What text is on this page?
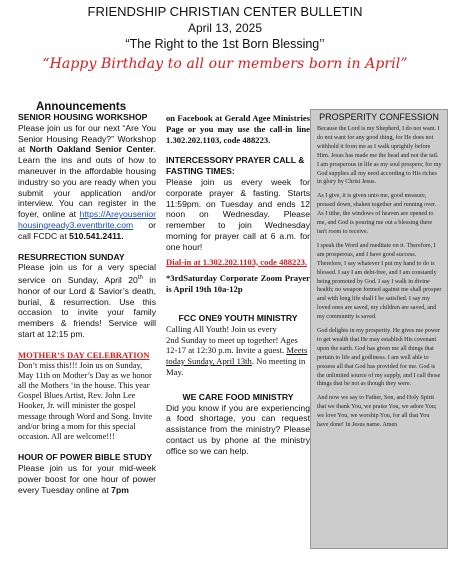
FRIENDSHIP CHRISTIAN CENTER BULLETIN
April 13, 2025
“The Right to the 1st Born Blessing’’
“Happy Birthday to all our members born in April”
Announcements

SENIOR HOUSING WORKSHOP

Please join us for our next “Are You Senior Housing Ready?” Workshop at North Oakland Senior Center. Learn the ins and outs of how to maneuver in the affordable housing industry so you are ready when you submit your application and/or interview. You can register in the foyer, online at https://Areyouseniorhousingready3.eventbrite.com or call FCDC at 510.541.2411.

RESURRECTION SUNDAY

Please join us for a very special service on Sunday, April 20th in honor of our Lord & Savior’s death, burial, & resurrection. Use this occasion to invite your family members & friends! Service will start at 12:15 pm.

MOTHER’S DAY CELEBRATION

Don’t miss this!!! Join us on Sunday, May 11th on Mother’s Day as we honor all the Mothers ‘in the house. This year Gospel Blues Artist, Rev. John Lee Hooker, Jr. will minister the gospel message through Word and Song. Invite and/or bring a mom for this special occasion. All are welcome!!!

HOUR OF POWER BIBLE STUDY

Please join us for your mid-week power boost for one hour of power every Tuesday online at 7pm

on Facebook at Gerald Agee Ministries Page or you may use the call-in line 1.302.202.1103, code 488223.

INTERCESSORY PRAYER CALL & FASTING TIMES:

Please join us every week for corporate prayer & fasting. Starts 11:59pm. on Tuesday and ends 12 noon on Wednesday. Please remember to join Wednesday morning for prayer call at 6 a.m. for one hour!

Dial-in at 1.302.202.1103, code 488223.

*3rdSaturday Corporate Zoom Prayer is April 19th 10a-12p

FCC ONE9 YOUTH MINISTRY

Calling All Youth! Join us every
2nd Sunday to meet up together! Ages 12-17 at 12:30 p.m. Invite a guest. Meets today Sunday, April 13th. No meeting in May.

WE CARE FOOD MINISTRY

Did you know if you are experiencing a food shortage, you can request assistance from the ministry? Please contact us by phone at the ministry office so we can help.

PROSPERITY CONFESSION

Because the Lord is my Shepherd, I do not want. I do not want for any good thing, for He does not withhold it from me as I walk uprightly before Him. Jesus has made me the head and not the tail. I am prosperous in life as my soul prospers; for my God supplies all my need according to His riches in glory by Christ Jesus.

As I give, it is given unto me, good measure, pressed down, shaken together and running over. As I tithe, the windows of heaven are opened to me, and God is pouring me out a blessing there isn't room to receive.

I speak the Word and meditate on it. Therefore, I am prosperous, and I have good success. Therefore, I say whatever I put my hand to do is blessed. I say I am debt-free, and I am constantly being promoted by God. I say I walk in divine health; no weapon formed against me shall prosper and with long life shall I be satisfied. I say my loved ones are saved, my children are saved, and my community is saved.

God delights in my prosperity. He gives me power to get wealth that He may establish His covenant upon the earth. God has given me all things that pertain to life and godliness. I am well able to possess all that God has provided for me. God is the unlimited source of my supply, and I call those things that be not as though they were.

And now we say to Father, Son, and Holy Spirit that we thank You, we praise You, we adore You; we love You, we worship You, for all that You have done! In Jesus name. Amen
